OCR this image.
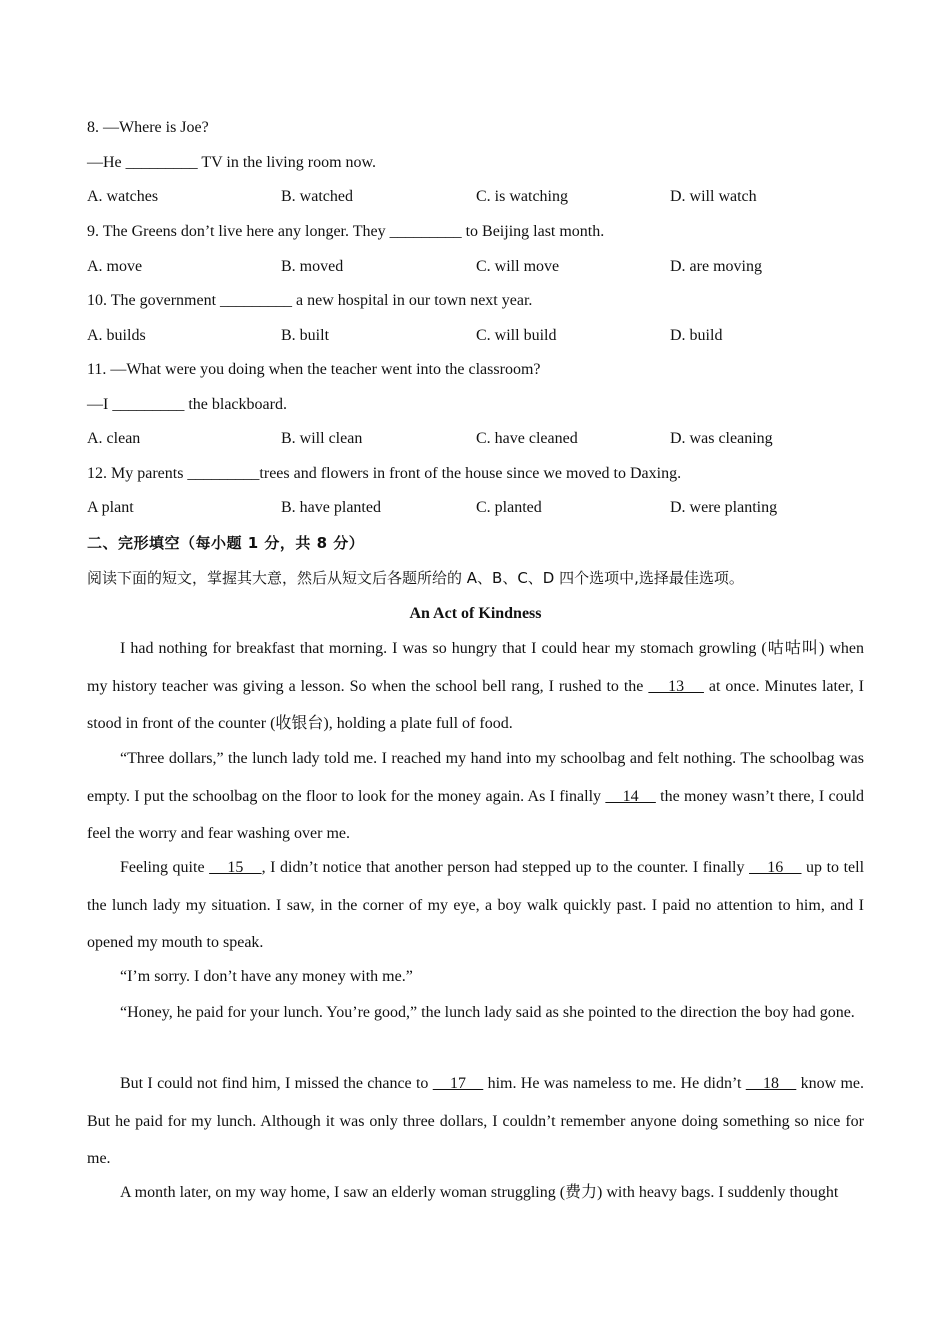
8. —Where is Joe?
—He _________ TV in the living room now.
A. watches	B. watched	C. is watching	D. will watch
9. The Greens don’t live here any longer. They _________ to Beijing last month.
A. move	B. moved	C. will move	D. are moving
10. The government _________ a new hospital in our town next year.
A. builds	B. built	C. will build	D. build
11. —What were you doing when the teacher went into the classroom?
—I _________ the blackboard.
A. clean	B. will clean	C. have cleaned	D. was cleaning
12. My parents _________trees and flowers in front of the house since we moved to Daxing.
A plant	B. have planted	C. planted	D. were planting
二、完形填空（每小题 1 分，共 8 分）
阅读下面的短文，掌握其大意，然后从短文后各题所给的 A、B、C、D 四个选项中,选择最佳选项。
An Act of Kindness
I had nothing for breakfast that morning. I was so hungry that I could hear my stomach growling (咕咕叫) when my history teacher was giving a lesson. So when the school bell rang, I rushed to the     13     at once. Minutes later, I stood in front of the counter (收银台), holding a plate full of food.
“Three dollars,” the lunch lady told me. I reached my hand into my schoolbag and felt nothing. The schoolbag was empty. I put the schoolbag on the floor to look for the money again. As I finally     14     the money wasn’t there, I could feel the worry and fear washing over me.
Feeling quite     15    , I didn’t notice that another person had stepped up to the counter. I finally     16     up to tell the lunch lady my situation. I saw, in the corner of my eye, a boy walk quickly past. I paid no attention to him, and I opened my mouth to speak.
“I’m sorry. I don’t have any money with me.”
“Honey, he paid for your lunch. You’re good,” the lunch lady said as she pointed to the direction the boy had gone.
But I could not find him, I missed the chance to     17     him. He was nameless to me. He didn’t     18     know me. But he paid for my lunch. Although it was only three dollars, I couldn’t remember anyone doing something so nice for me.
A month later, on my way home, I saw an elderly woman struggling (费力) with heavy bags. I suddenly thought
